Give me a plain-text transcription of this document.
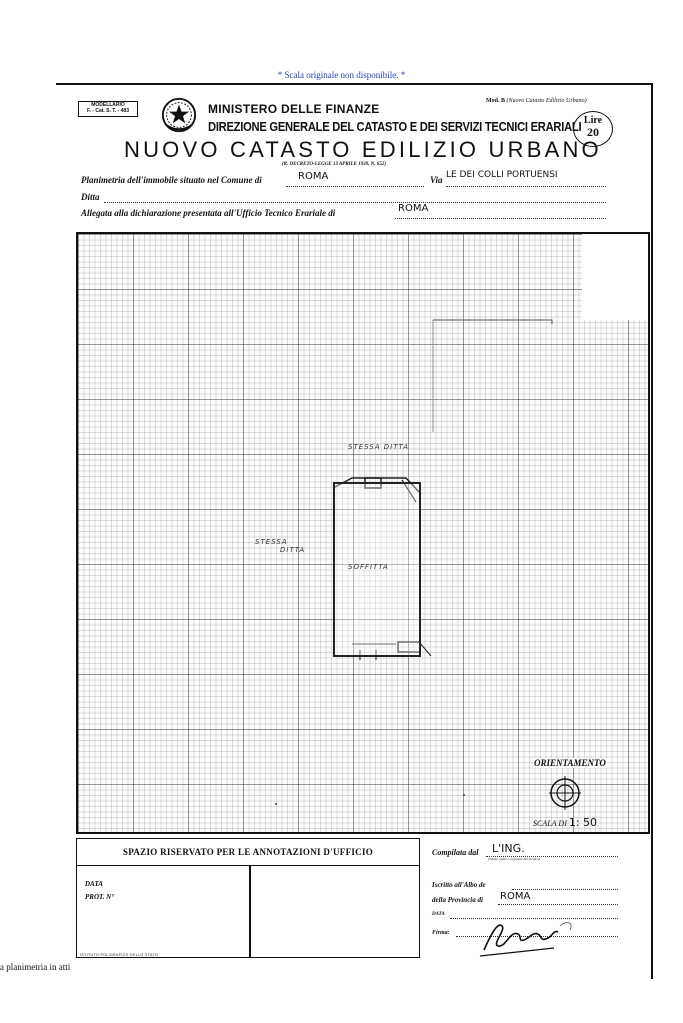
* Scala originale non disponibile. *
MODELLARIO
F. - Cat. S. T. - 483	MINISTERO DELLE FINANZE
DIREZIONE GENERALE DEL CATASTO E DEI SERVIZI TECNICI ERARIALI
Mod. B (Nuovo Catasto Edilizio Urbano)
Lire
20
NUOVO CATASTO EDILIZIO URBANO
(R. DECRETO-LEGGE 13 APRILE 1939, N. 652)
Planimetria dell'immobile situato nel Comune di	ROMA	Via LE DEI COLLI PORTUENSI
Ditta
Allegata alla dichiarazione presentata all'Ufficio Tecnico Erariale di	ROMA
STESSA DITTA
STESSA
DITTA
SOFFITTA
ORIENTAMENTO
SCALA DI 1: 50
SPAZIO RISERVATO PER LE ANNOTAZIONI D'UFFICIO
DATA
PROT. N°
Compilata dal L'ING.
(Titolo, nome e cognome del tecnico)
Iscritto all'Albo de
della Provincia di ROMA
DATA
Firma:
ISTITUTO POLIGRAFICO DELLO STATO
a planimetria in atti
